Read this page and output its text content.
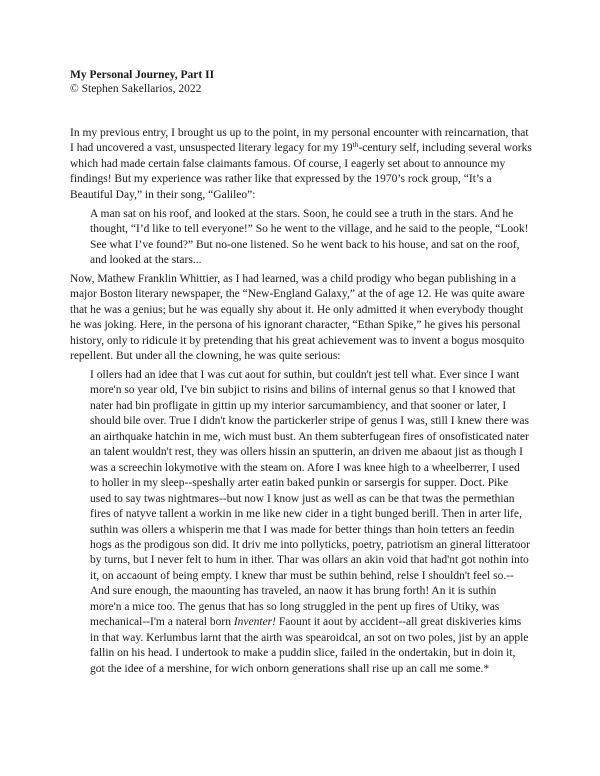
My Personal Journey, Part II
© Stephen Sakellarios, 2022

In my previous entry, I brought us up to the point, in my personal encounter with reincarnation, that I had uncovered a vast, unsuspected literary legacy for my 19th-century self, including several works which had made certain false claimants famous. Of course, I eagerly set about to announce my findings! But my experience was rather like that expressed by the 1970’s rock group, “It’s a Beautiful Day,” in their song, “Galileo”:

A man sat on his roof, and looked at the stars. Soon, he could see a truth in the stars. And he thought, “I’d like to tell everyone!” So he went to the village, and he said to the people, “Look! See what I’ve found?” But no-one listened. So he went back to his house, and sat on the roof, and looked at the stars...

Now, Mathew Franklin Whittier, as I had learned, was a child prodigy who began publishing in a major Boston literary newspaper, the “New-England Galaxy,” at the of age 12. He was quite aware that he was a genius; but he was equally shy about it. He only admitted it when everybody thought he was joking. Here, in the persona of his ignorant character, “Ethan Spike,” he gives his personal history, only to ridicule it by pretending that his great achievement was to invent a bogus mosquito repellent. But under all the clowning, he was quite serious:

I ollers had an idee that I was cut aout for suthin, but couldn't jest tell what. Ever since I want more'n so year old, I've bin subjict to risins and bilins of internal genus so that I knowed that nater had bin profligate in gittin up my interior sarcumambiency, and that sooner or later, I should bile over. True I didn't know the partickerler stripe of genus I was, still I knew there was an airthquake hatchin in me, wich must bust. An them subterfugean fires of onsofisticated nater an talent wouldn't rest, they was ollers hissin an sputterin, an driven me abaout jist as though I was a screechin lokymotive with the steam on. Afore I was knee high to a wheelberrer, I used to holler in my sleep--speshally arter eatin baked punkin or sarsergis for supper. Doct. Pike used to say twas nightmares--but now I know just as well as can be that twas the permethian fires of natyve tallent a workin in me like new cider in a tight bunged berill. Then in arter life, suthin was ollers a whisperin me that I was made for better things than hoin tetters an feedin hogs as the prodigous son did. It driv me into pollyticks, poetry, patriotism an gineral litteratoor by turns, but I never felt to hum in ither. Thar was ollars an akin void that had'nt got nothin into it, on accaount of being empty. I knew thar must be suthin behind, relse I shouldn't feel so.--And sure enough, the maounting has traveled, an naow it has brung forth! An it is suthin more'n a mice too. The genus that has so long struggled in the pent up fires of Utiky, was mechanical--I'm a nateral born Inventer! Faount it aout by accident--all great diskiveries kims in that way. Kerlumbus larnt that the airth was spearoidcal, an sot on two poles, jist by an apple fallin on his head. I undertook to make a puddin slice, failed in the ondertakin, but in doin it, got the idee of a mershine, for wich onborn generations shall rise up an call me some.*
